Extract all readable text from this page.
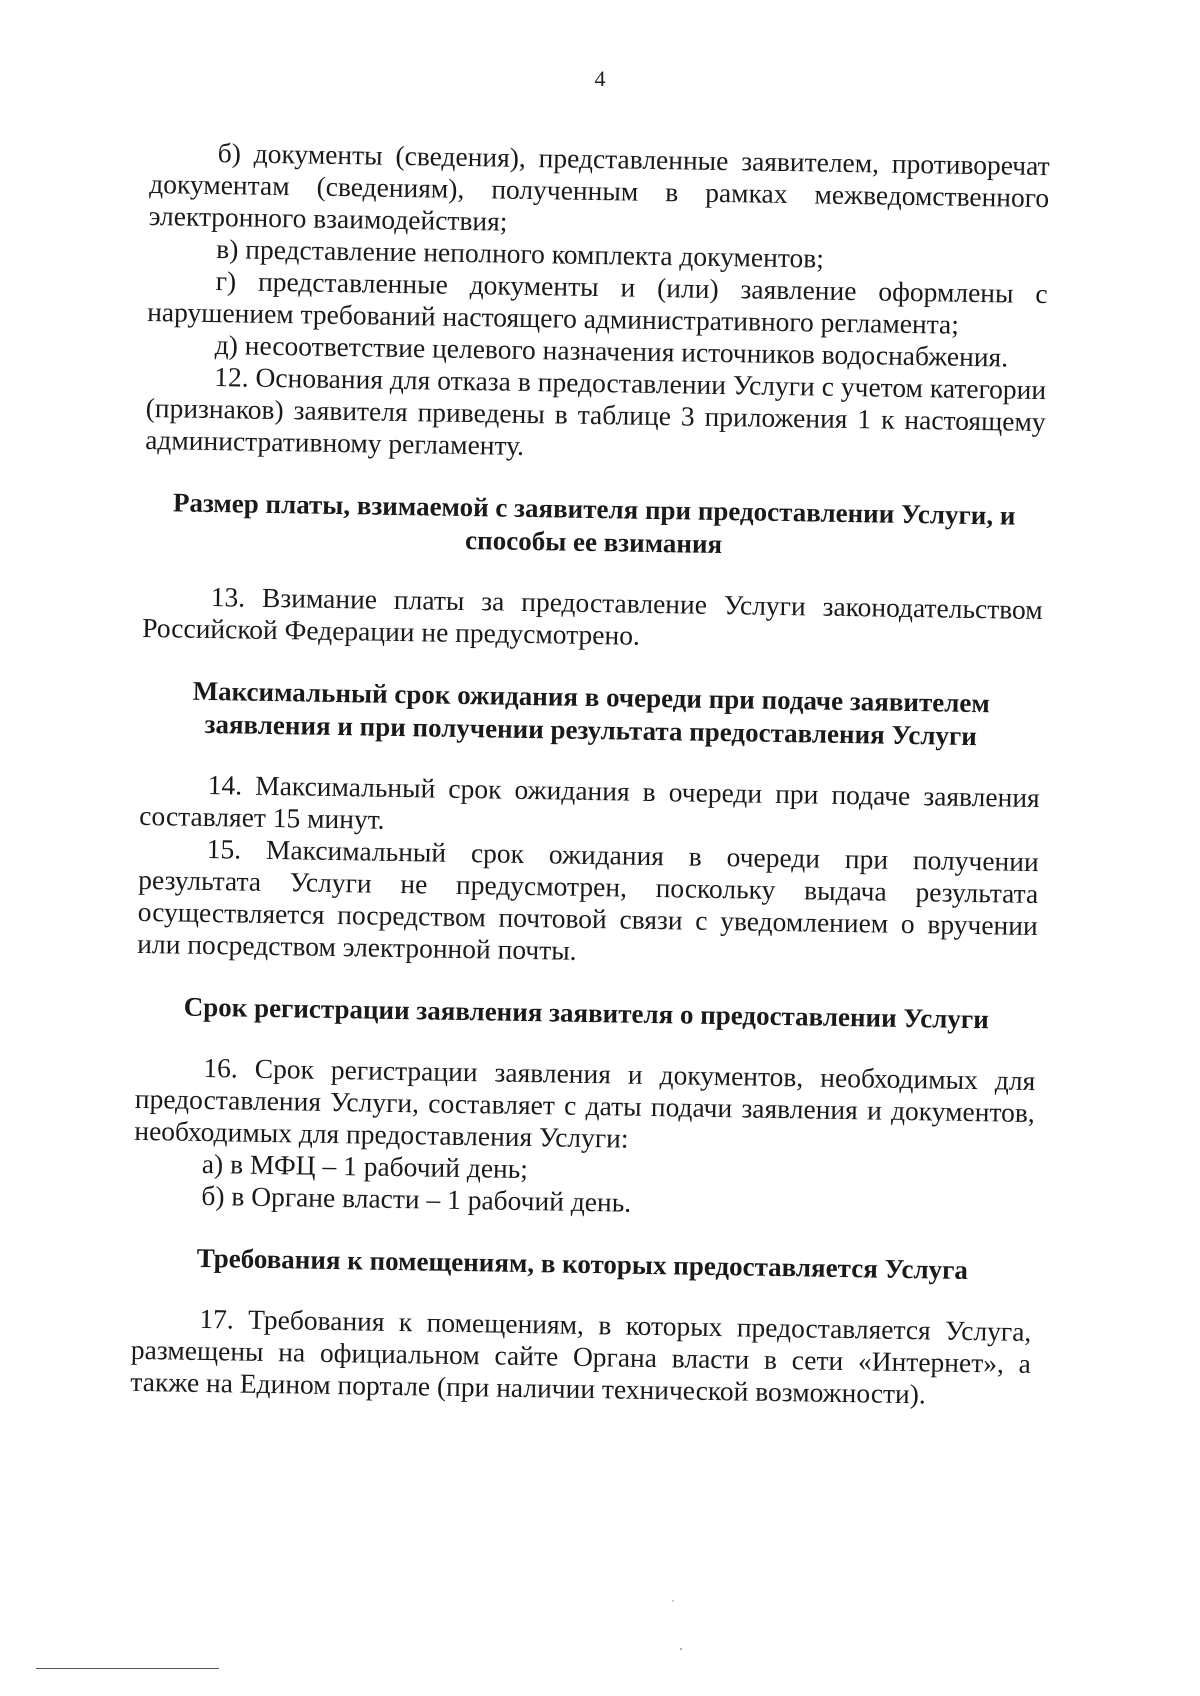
4

б) документы (сведения), представленные заявителем, противоречат документам (сведениям), полученным в рамках межведомственного электронного взаимодействия;

в) представление неполного комплекта документов;

г) представленные документы и (или) заявление оформлены с нарушением требований настоящего административного регламента;

д) несоответствие целевого назначения источников водоснабжения.

12. Основания для отказа в предоставлении Услуги с учетом категории (признаков) заявителя приведены в таблице 3 приложения 1 к настоящему административному регламенту.

Размер платы, взимаемой с заявителя при предоставлении Услуги, и способы ее взимания

13. Взимание платы за предоставление Услуги законодательством Российской Федерации не предусмотрено.

Максимальный срок ожидания в очереди при подаче заявителем заявления и при получении результата предоставления Услуги

14. Максимальный срок ожидания в очереди при подаче заявления составляет 15 минут.

15. Максимальный срок ожидания в очереди при получении результата Услуги не предусмотрен, поскольку выдача результата осуществляется посредством почтовой связи с уведомлением о вручении или посредством электронной почты.

Срок регистрации заявления заявителя о предоставлении Услуги

16. Срок регистрации заявления и документов, необходимых для предоставления Услуги, составляет с даты подачи заявления и документов, необходимых для предоставления Услуги:

а) в МФЦ – 1 рабочий день;

б) в Органе власти – 1 рабочий день.

Требования к помещениям, в которых предоставляется Услуга

17. Требования к помещениям, в которых предоставляется Услуга, размещены на официальном сайте Органа власти в сети «Интернет», а также на Едином портале (при наличии технической возможности).
